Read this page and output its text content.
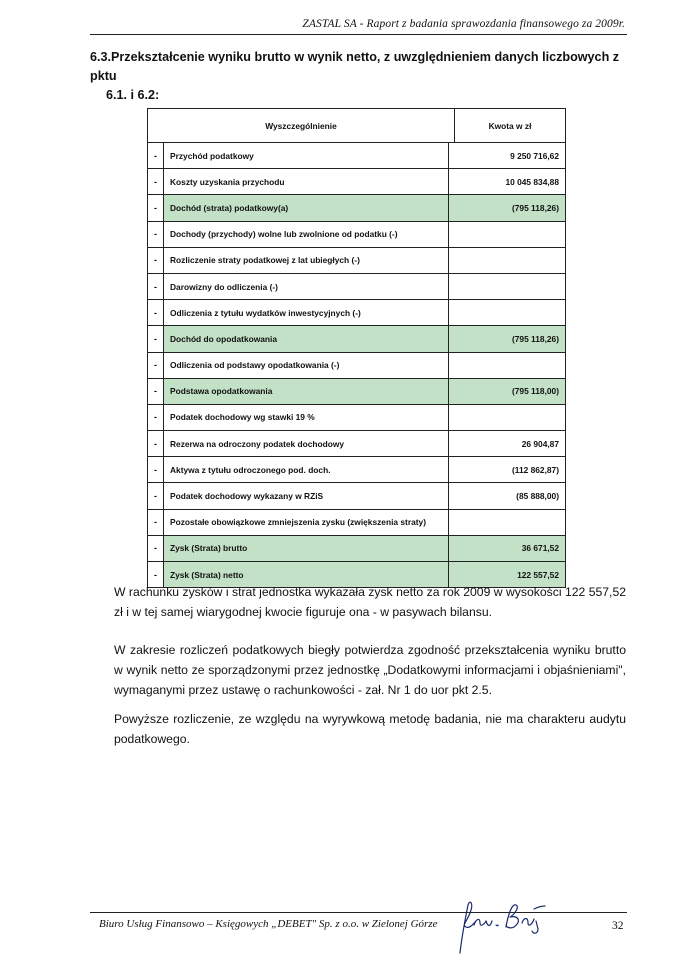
ZASTAL SA - Raport z badania sprawozdania finansowego za 2009r.
6.3.Przekształcenie wyniku brutto w wynik netto, z uwzględnieniem danych liczbowych z pktu
6.1. i 6.2:
Wyszczególnienie	Kwota w zł
-	Przychód podatkowy	9 250 716,62
-	Koszty uzyskania przychodu	10 045 834,88
-	Dochód (strata) podatkowy(a)	(795 118,26)
-	Dochody (przychody) wolne lub zwolnione od podatku (-)
-	Rozliczenie straty podatkowej z lat ubiegłych (-)
-	Darowizny do odliczenia (-)
-	Odliczenia z tytułu wydatków inwestycyjnych (-)
-	Dochód do opodatkowania	(795 118,26)
-	Odliczenia od podstawy opodatkowania (-)
-	Podstawa opodatkowania	(795 118,00)
-	Podatek dochodowy wg stawki 19 %
-	Rezerwa na odroczony podatek dochodowy	26 904,87
-	Aktywa z tytułu odroczonego pod. doch.	(112 862,87)
-	Podatek dochodowy wykazany w RZiS	(85 888,00)
-	Pozostałe obowiązkowe zmniejszenia zysku (zwiększenia straty)
-	Zysk (Strata) brutto	36 671,52
-	Zysk (Strata) netto	122 557,52

W rachunku zysków i strat jednostka wykazała zysk netto za rok 2009 w wysokości 122 557,52 zł i w tej samej wiarygodnej kwocie figuruje ona - w pasywach bilansu.

W zakresie rozliczeń podatkowych biegły potwierdza zgodność przekształcenia wyniku brutto w wynik netto ze sporządzonymi przez jednostkę „Dodatkowymi informacjami i objaśnieniami", wymaganymi przez ustawę o rachunkowości - zał. Nr 1 do uor pkt 2.5.

Powyższe rozliczenie, ze względu na wyrywkową metodę badania, nie ma charakteru audytu podatkowego.

Biuro Usług Finansowo – Księgowych „DEBET" Sp. z o.o. w Zielonej Górze	32
